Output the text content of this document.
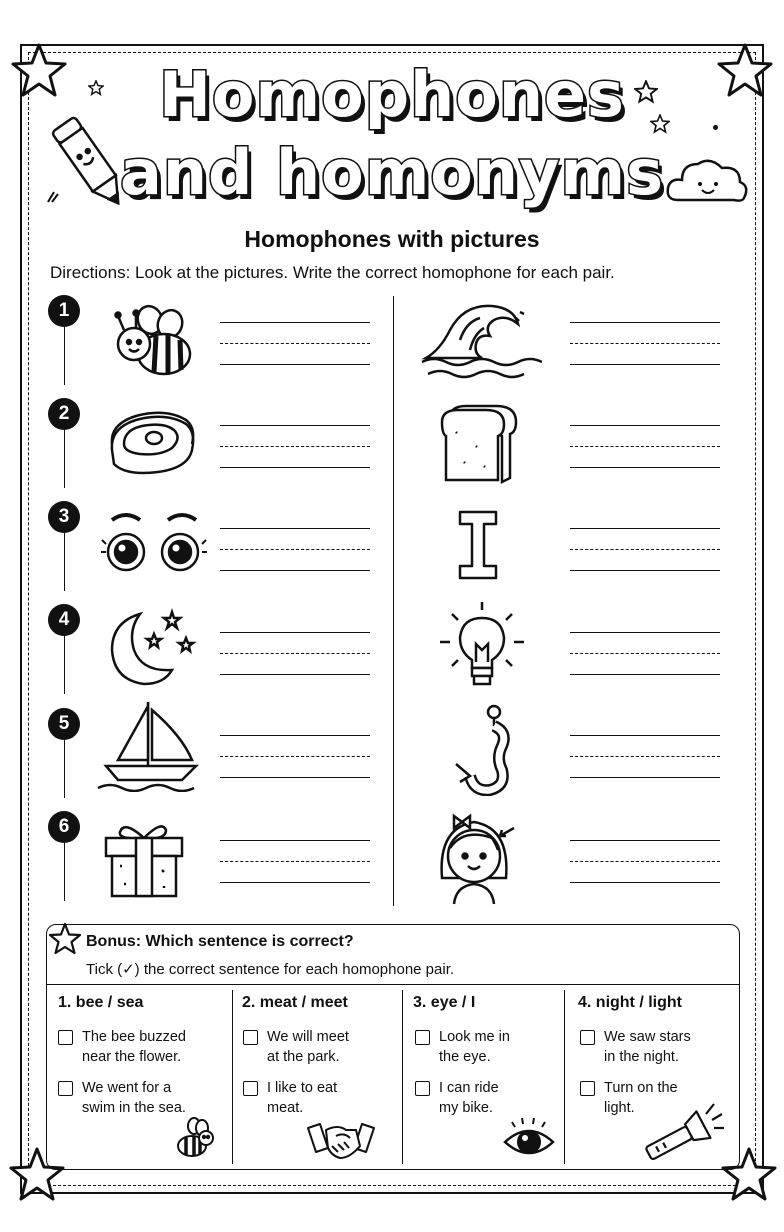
Homophones
and homonyms
Homophones with pictures
Directions: Look at the pictures. Write the correct homophone for each pair.
1
2
3
4
5
6
Bonus: Which sentence is correct?
Tick (✓) the correct sentence for each homophone pair.
1. bee / sea
The bee buzzed
near the flower.
We went for a
swim in the sea.
2. meat / meet
We will meet
at the park.
I like to eat
meat.
3. eye / I
Look me in
the eye.
I can ride
my bike.
4. night / light
We saw stars
in the night.
Turn on the
light.
